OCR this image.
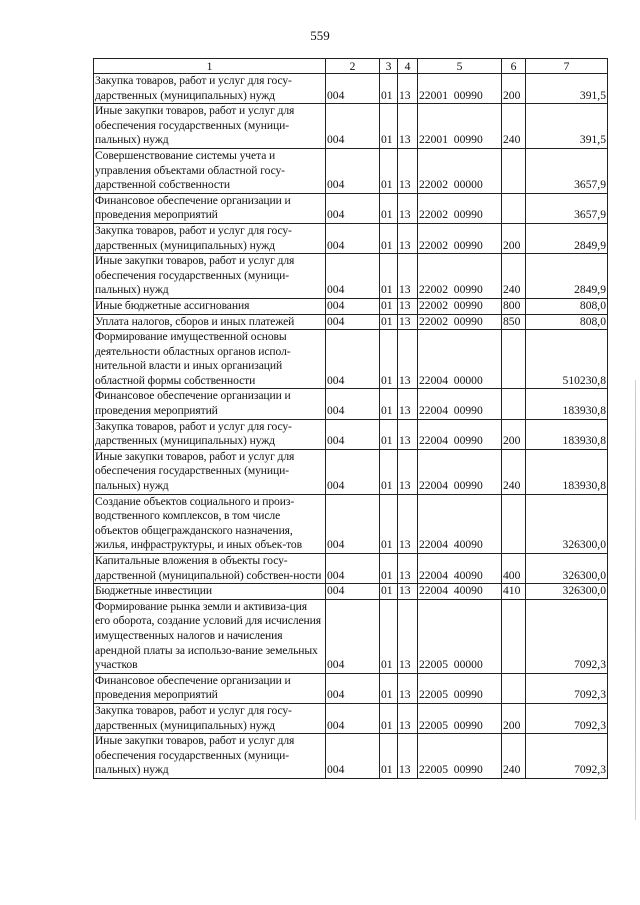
559
1	2	3	4	5	6	7
Закупка товаров, работ и услуг для госу-дарственных (муниципальных) нужд	004	01	13	22001  00990	200	391,5
Иные закупки товаров, работ и услуг для обеспечения государственных (муници-пальных) нужд	004	01	13	22001  00990	240	391,5
Совершенствование системы учета и управления объектами областной госу-дарственной собственности	004	01	13	22002  00000		3657,9
Финансовое обеспечение организации и проведения мероприятий	004	01	13	22002  00990		3657,9
Закупка товаров, работ и услуг для госу-дарственных (муниципальных) нужд	004	01	13	22002  00990	200	2849,9
Иные закупки товаров, работ и услуг для обеспечения государственных (муници-пальных) нужд	004	01	13	22002  00990	240	2849,9
Иные бюджетные ассигнования	004	01	13	22002  00990	800	808,0
Уплата налогов, сборов и иных платежей	004	01	13	22002  00990	850	808,0
Формирование имущественной основы деятельности областных органов испол-нительной власти и иных организаций областной формы собственности	004	01	13	22004  00000		510230,8
Финансовое обеспечение организации и проведения мероприятий	004	01	13	22004  00990		183930,8
Закупка товаров, работ и услуг для госу-дарственных (муниципальных) нужд	004	01	13	22004  00990	200	183930,8
Иные закупки товаров, работ и услуг для обеспечения государственных (муници-пальных) нужд	004	01	13	22004  00990	240	183930,8
Создание объектов социального и произ-водственного комплексов, в том числе объектов общегражданского назначения, жилья, инфраструктуры, и иных объек-тов	004	01	13	22004  40090		326300,0
Капитальные вложения в объекты госу-дарственной (муниципальной) собствен-ности	004	01	13	22004  40090	400	326300,0
Бюджетные инвестиции	004	01	13	22004  40090	410	326300,0
Формирование рынка земли и активиза-ция его оборота, создание условий для исчисления имущественных налогов и начисления арендной платы за использо-вание земельных участков	004	01	13	22005  00000		7092,3
Финансовое обеспечение организации и проведения мероприятий	004	01	13	22005  00990		7092,3
Закупка товаров, работ и услуг для госу-дарственных (муниципальных) нужд	004	01	13	22005  00990	200	7092,3
Иные закупки товаров, работ и услуг для обеспечения государственных (муници-пальных) нужд	004	01	13	22005  00990	240	7092,3
